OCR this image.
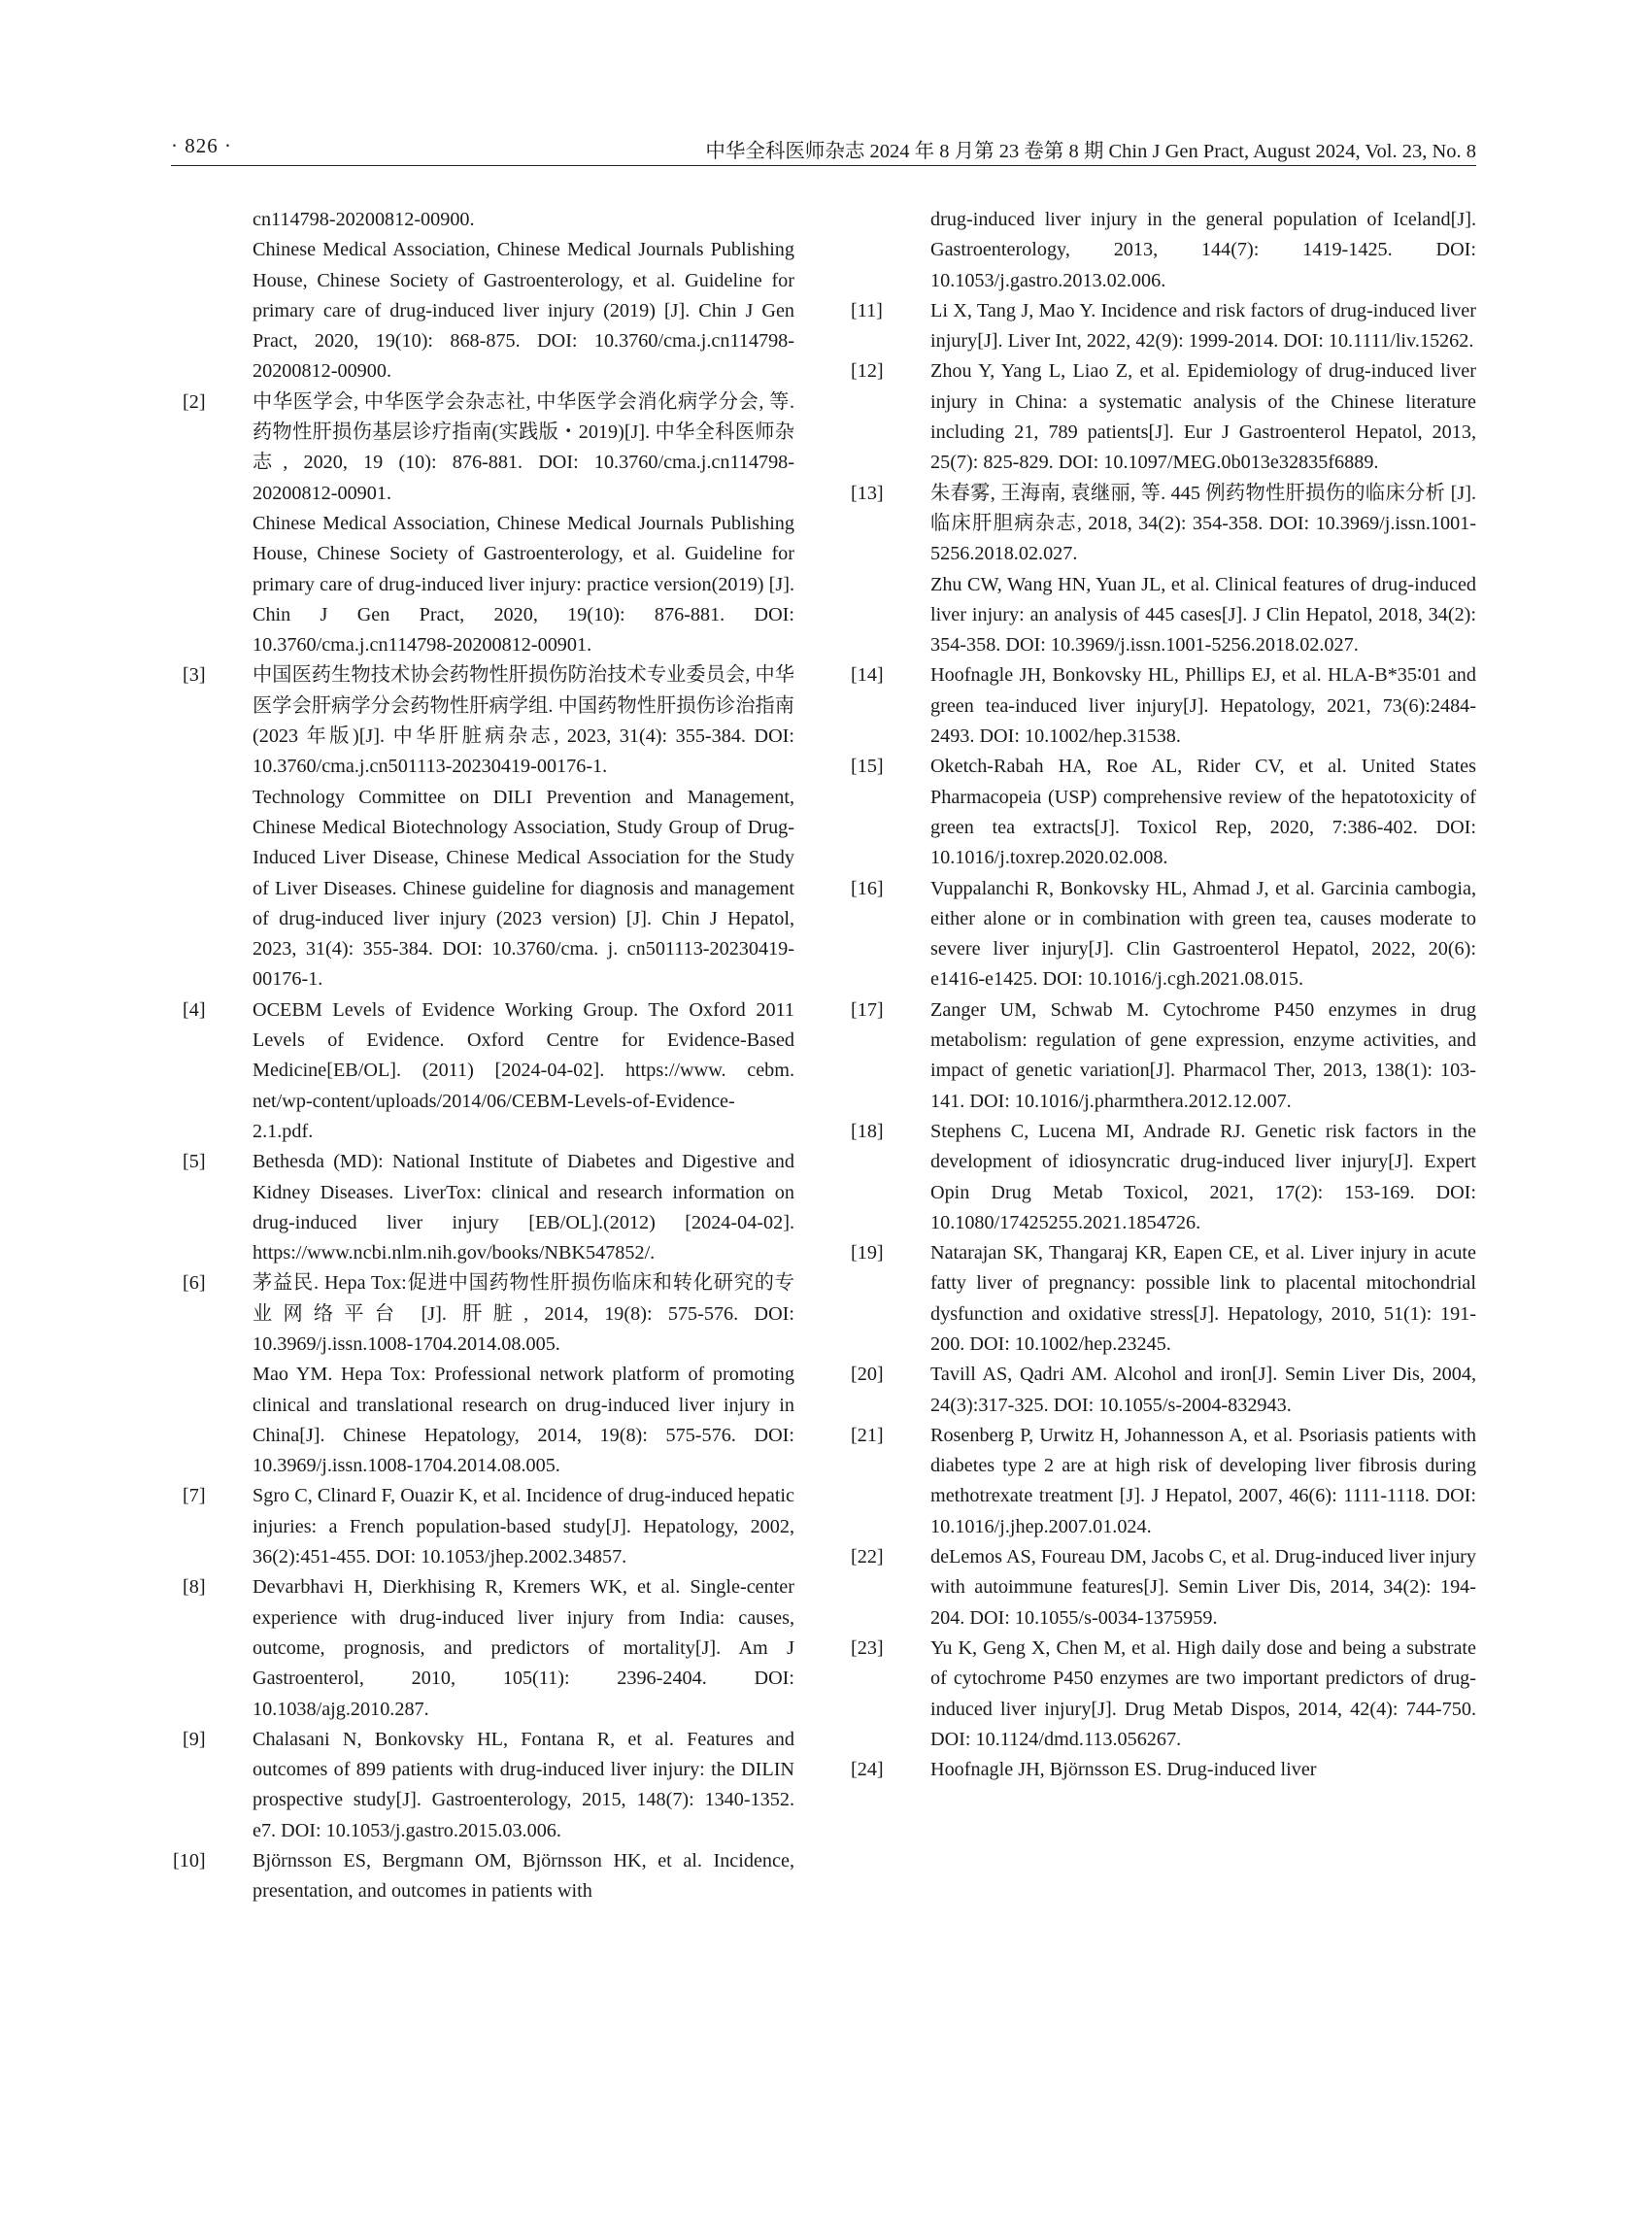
· 826 ·	中华全科医师杂志 2024 年 8 月第 23 卷第 8 期 Chin J Gen Pract, August 2024, Vol. 23, No. 8
cn114798-20200812-00900.
Chinese Medical Association, Chinese Medical Journals Publishing House, Chinese Society of Gastroenterology, et al. Guideline for primary care of drug-induced liver injury (2019) [J]. Chin J Gen Pract, 2020, 19(10): 868-875. DOI: 10.3760/cma.j.cn114798-20200812-00900.
[2]	中华医学会, 中华医学会杂志社, 中华医学会消化病学分会, 等. 药物性肝损伤基层诊疗指南(实践版・2019)[J]. 中华全科医师杂志, 2020, 19 (10): 876-881. DOI: 10.3760/cma.j.cn114798-20200812-00901.
Chinese Medical Association, Chinese Medical Journals Publishing House, Chinese Society of Gastroenterology, et al. Guideline for primary care of drug-induced liver injury: practice version(2019) [J]. Chin J Gen Pract, 2020, 19(10): 876-881. DOI: 10.3760/cma.j.cn114798-20200812-00901.
[3]	中国医药生物技术协会药物性肝损伤防治技术专业委员会, 中华医学会肝病学分会药物性肝病学组. 中国药物性肝损伤诊治指南(2023 年版)[J]. 中华肝脏病杂志, 2023, 31(4): 355-384. DOI: 10.3760/cma.j.cn501113-20230419-00176-1.
Technology Committee on DILI Prevention and Management, Chinese Medical Biotechnology Association, Study Group of Drug-Induced Liver Disease, Chinese Medical Association for the Study of Liver Diseases. Chinese guideline for diagnosis and management of drug-induced liver injury (2023 version) [J]. Chin J Hepatol, 2023, 31(4): 355-384. DOI: 10.3760/cma. j. cn501113-20230419-00176-1.
[4]	OCEBM Levels of Evidence Working Group. The Oxford 2011 Levels of Evidence. Oxford Centre for Evidence-Based Medicine[EB/OL]. (2011) [2024-04-02]. https://www. cebm. net/wp-content/uploads/2014/06/CEBM-Levels-of-Evidence-2.1.pdf.
[5]	Bethesda (MD): National Institute of Diabetes and Digestive and Kidney Diseases. LiverTox: clinical and research information on drug-induced liver injury [EB/OL].(2012) [2024-04-02]. https://www.ncbi.nlm.nih.gov/books/NBK547852/.
[6]	茅益民. Hepa Tox:促进中国药物性肝损伤临床和转化研究的专业网络平台 [J]. 肝脏, 2014, 19(8): 575-576. DOI: 10.3969/j.issn.1008-1704.2014.08.005.
Mao YM. Hepa Tox: Professional network platform of promoting clinical and translational research on drug-induced liver injury in China[J]. Chinese Hepatology, 2014, 19(8): 575-576. DOI: 10.3969/j.issn.1008-1704.2014.08.005.
[7]	Sgro C, Clinard F, Ouazir K, et al. Incidence of drug-induced hepatic injuries: a French population-based study[J]. Hepatology, 2002, 36(2):451-455. DOI: 10.1053/jhep.2002.34857.
[8]	Devarbhavi H, Dierkhising R, Kremers WK, et al. Single-center experience with drug-induced liver injury from India: causes, outcome, prognosis, and predictors of mortality[J]. Am J Gastroenterol, 2010, 105(11): 2396-2404. DOI: 10.1038/ajg.2010.287.
[9]	Chalasani N, Bonkovsky HL, Fontana R, et al. Features and outcomes of 899 patients with drug-induced liver injury: the DILIN prospective study[J]. Gastroenterology, 2015, 148(7): 1340-1352. e7. DOI: 10.1053/j.gastro.2015.03.006.
[10]	Björnsson ES, Bergmann OM, Björnsson HK, et al. Incidence, presentation, and outcomes in patients with
drug-induced liver injury in the general population of Iceland[J]. Gastroenterology, 2013, 144(7): 1419-1425. DOI: 10.1053/j.gastro.2013.02.006.
[11]	Li X, Tang J, Mao Y. Incidence and risk factors of drug-induced liver injury[J]. Liver Int, 2022, 42(9): 1999-2014. DOI: 10.1111/liv.15262.
[12]	Zhou Y, Yang L, Liao Z, et al. Epidemiology of drug-induced liver injury in China: a systematic analysis of the Chinese literature including 21, 789 patients[J]. Eur J Gastroenterol Hepatol, 2013, 25(7): 825-829. DOI: 10.1097/MEG.0b013e32835f6889.
[13]	朱春雾, 王海南, 袁继丽, 等. 445 例药物性肝损伤的临床分析 [J]. 临床肝胆病杂志, 2018, 34(2): 354-358. DOI: 10.3969/j.issn.1001-5256.2018.02.027.
Zhu CW, Wang HN, Yuan JL, et al. Clinical features of drug-induced liver injury: an analysis of 445 cases[J]. J Clin Hepatol, 2018, 34(2): 354-358. DOI: 10.3969/j.issn.1001-5256.2018.02.027.
[14]	Hoofnagle JH, Bonkovsky HL, Phillips EJ, et al. HLA-B*35∶01 and green tea-induced liver injury[J]. Hepatology, 2021, 73(6):2484-2493. DOI: 10.1002/hep.31538.
[15]	Oketch-Rabah HA, Roe AL, Rider CV, et al. United States Pharmacopeia (USP) comprehensive review of the hepatotoxicity of green tea extracts[J]. Toxicol Rep, 2020, 7:386-402. DOI: 10.1016/j.toxrep.2020.02.008.
[16]	Vuppalanchi R, Bonkovsky HL, Ahmad J, et al. Garcinia cambogia, either alone or in combination with green tea, causes moderate to severe liver injury[J]. Clin Gastroenterol Hepatol, 2022, 20(6): e1416-e1425. DOI: 10.1016/j.cgh.2021.08.015.
[17]	Zanger UM, Schwab M. Cytochrome P450 enzymes in drug metabolism: regulation of gene expression, enzyme activities, and impact of genetic variation[J]. Pharmacol Ther, 2013, 138(1): 103-141. DOI: 10.1016/j.pharmthera.2012.12.007.
[18]	Stephens C, Lucena MI, Andrade RJ. Genetic risk factors in the development of idiosyncratic drug-induced liver injury[J]. Expert Opin Drug Metab Toxicol, 2021, 17(2): 153-169. DOI: 10.1080/17425255.2021.1854726.
[19]	Natarajan SK, Thangaraj KR, Eapen CE, et al. Liver injury in acute fatty liver of pregnancy: possible link to placental mitochondrial dysfunction and oxidative stress[J]. Hepatology, 2010, 51(1): 191-200. DOI: 10.1002/hep.23245.
[20]	Tavill AS, Qadri AM. Alcohol and iron[J]. Semin Liver Dis, 2004, 24(3):317-325. DOI: 10.1055/s-2004-832943.
[21]	Rosenberg P, Urwitz H, Johannesson A, et al. Psoriasis patients with diabetes type 2 are at high risk of developing liver fibrosis during methotrexate treatment [J]. J Hepatol, 2007, 46(6): 1111-1118. DOI: 10.1016/j.jhep.2007.01.024.
[22]	deLemos AS, Foureau DM, Jacobs C, et al. Drug-induced liver injury with autoimmune features[J]. Semin Liver Dis, 2014, 34(2): 194-204. DOI: 10.1055/s-0034-1375959.
[23]	Yu K, Geng X, Chen M, et al. High daily dose and being a substrate of cytochrome P450 enzymes are two important predictors of drug-induced liver injury[J]. Drug Metab Dispos, 2014, 42(4): 744-750. DOI: 10.1124/dmd.113.056267.
[24]	Hoofnagle JH, Björnsson ES. Drug-induced liver
